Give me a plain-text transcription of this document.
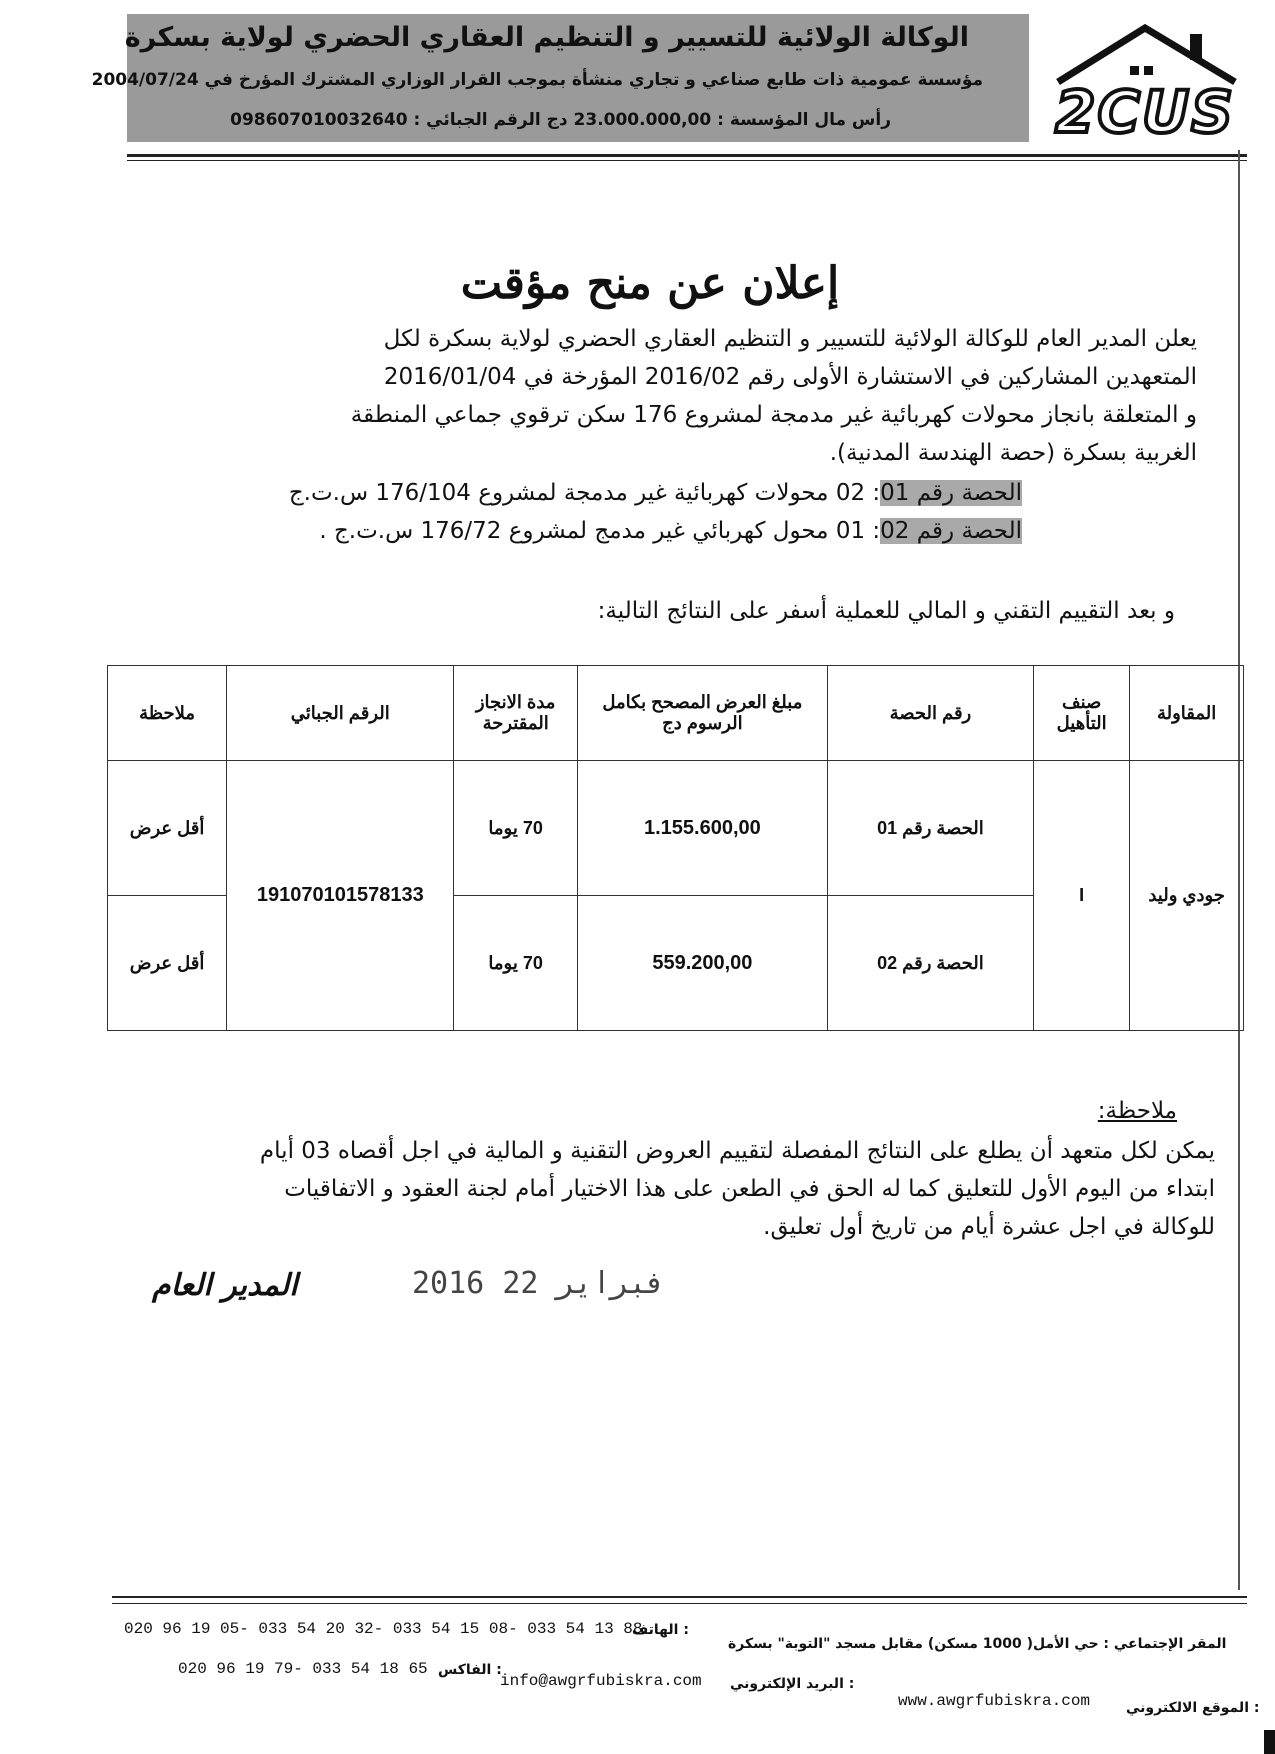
الوكالة الولائية للتسيير و التنظيم العقاري الحضري لولاية بسكرة
مؤسسة عمومية ذات طابع صناعي و تجاري منشأة بموجب القرار الوزاري المشترك المؤرخ في 2004/07/24
رأس مال المؤسسة : 23.000.000,00 دج الرقم الجبائي : 098607010032640	2CUS
إعلان عن منح مؤقت
يعلن المدير العام للوكالة الولائية للتسيير و التنظيم العقاري الحضري لولاية بسكرة لكل
المتعهدين المشاركين في الاستشارة الأولى رقم 2016/02 المؤرخة في 2016/01/04
و المتعلقة بانجاز محولات كهربائية غير مدمجة لمشروع 176 سكن ترقوي جماعي المنطقة
الغربية بسكرة (حصة الهندسة المدنية).
الحصة رقم 01: 02 محولات كهربائية غير مدمجة لمشروع 176/104 س.ت.ج
الحصة رقم 02: 01 محول كهربائي غير مدمج لمشروع 176/72 س.ت.ج .
و بعد التقييم التقني و المالي للعملية أسفر على النتائج التالية:
المقاولة	صنف التأهيل	رقم الحصة	مبلغ العرض المصحح بكامل الرسوم دج	مدة الانجاز المقترحة	الرقم الجبائي	ملاحظة
جودي وليد	I	الحصة رقم 01	1.155.600,00	70 يوما	191070101578133	أقل عرض
		الحصة رقم 02	559.200,00	70 يوما		أقل عرض
ملاحظة:
يمكن لكل متعهد أن يطلع على النتائج المفصلة لتقييم العروض التقنية و المالية في اجل أقصاه 03 أيام
ابتداء من اليوم الأول للتعليق كما له الحق في الطعن على هذا الاختيار أمام لجنة العقود و الاتفاقيات
للوكالة في اجل عشرة أيام من تاريخ أول تعليق.
المدير العام	2016 فبراير 22
020 96 19 05- 033 54 20 32- 033 54 15 08- 033 54 13 88
: الهاتف
المقر الإجتماعي : حي الأمل( 1000 مسكن) مقابل مسجد "التوبة" بسكرة
020 96 19 79- 033 54 18 65 : الفاكس
info@awgrfubiskra.com : البريد الإلكتروني
www.awgrfubiskra.com	: الموقع الالكتروني
